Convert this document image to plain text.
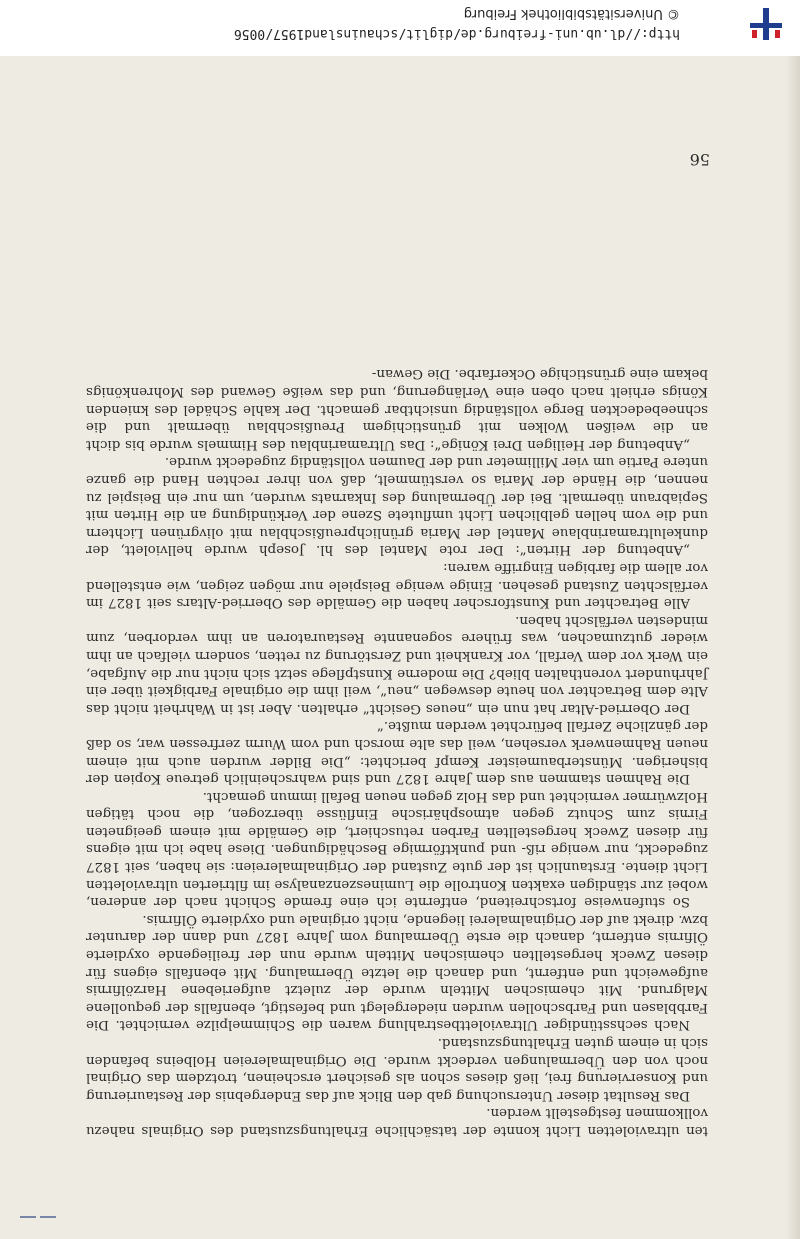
ten ultravioletten Licht konnte der tatsächliche Erhaltungszustand des Originals nahezu vollkommen festgestellt werden.

Das Resultat dieser Untersuchung gab den Blick auf das Endergebnis der Restaurierung und Konservierung frei, ließ dieses schon als gesichert erscheinen, trotzdem das Original noch von den Übermalungen verdeckt wurde. Die Originalmalereien Holbeins befanden sich in einem guten Erhaltungszustand.

Nach sechsstündiger Ultraviolettbestrahlung waren die Schimmelpilze vernichtet. Die Farbblasen und Farbschollen wurden niedergelegt und befestigt, ebenfalls der gequollene Malgrund. Mit chemischen Mitteln wurde der zuletzt aufgeriebene Harzölfirnis aufgeweicht und entfernt, und danach die letzte Übermalung. Mit ebenfalls eigens für diesen Zweck hergestellten chemischen Mitteln wurde nun der freiliegende oxydierte Ölfirnis entfernt, danach die erste Übermalung vom Jahre 1827 und dann der darunter bzw. direkt auf der Originalmalerei liegende, nicht originale und oxydierte Ölfirnis.

So stufenweise fortschreitend, entfernte ich eine fremde Schicht nach der anderen, wobei zur ständigen exakten Kontrolle die Lumineszenzanalyse im filtrierten ultravioletten Licht diente. Erstaunlich ist der gute Zustand der Originalmalereien: sie haben, seit 1827 zugedeckt, nur wenige riß- und punktförmige Beschädigungen. Diese habe ich mit eigens für diesen Zweck hergestellten Farben retuschiert, die Gemälde mit einem geeigneten Firnis zum Schutz gegen atmosphärische Einflüsse überzogen, die noch tätigen Holzwürmer vernichtet und das Holz gegen neuen Befall immun gemacht.

Die Rahmen stammen aus dem Jahre 1827 und sind wahrscheinlich getreue Kopien der bisherigen. Münsterbaumeister Kempf berichtet: „Die Bilder wurden auch mit einem neuen Rahmenwerk versehen, weil das alte morsch und vom Wurm zerfressen war, so daß der gänzliche Zerfall befürchtet werden mußte.“

Der Oberried-Altar hat nun ein „neues Gesicht“ erhalten. Aber ist in Wahrheit nicht das Alte dem Betrachter von heute deswegen „neu“, weil ihm die originale Farbigkeit über ein Jahrhundert vorenthalten blieb? Die moderne Kunstpflege setzt sich nicht nur die Aufgabe, ein Werk vor dem Verfall, vor Krankheit und Zerstörung zu retten, sondern vielfach an ihm wieder gutzumachen, was frühere sogenannte Restauratoren an ihm verdorben, zum mindesten verfälscht haben.

Alle Betrachter und Kunstforscher haben die Gemälde des Oberried-Altars seit 1827 im verfälschten Zustand gesehen. Einige wenige Beispiele nur mögen zeigen, wie entstellend vor allem die farbigen Eingriffe waren:

„Anbetung der Hirten“: Der rote Mantel des hl. Joseph wurde hellviolett, der dunkelultramarinblaue Mantel der Maria grünlichpreußischblau mit olivgrünen Lichtern und die vom hellen gelblichen Licht umflutete Szene der Verkündigung an die Hirten mit Sepiabraun übermalt. Bei der Übermalung des Inkarnats wurden, um nur ein Beispiel zu nennen, die Hände der Maria so verstümmelt, daß von ihrer rechten Hand die ganze untere Partie um vier Millimeter und der Daumen vollständig zugedeckt wurde.

„Anbetung der Heiligen Drei Könige“: Das Ultramarinblau des Himmels wurde bis dicht an die weißen Wolken mit grünstichigem Preußischblau übermalt und die schneebedeckten Berge vollständig unsichtbar gemacht. Der kahle Schädel des knienden Königs erhielt nach oben eine Verlängerung, und das weiße Gewand des Mohrenkönigs bekam eine grünstichige Ockerfarbe. Die Gewan-

56
http://dl.ub.uni-freiburg.de/diglit/schauinsland1957/0056
© Universitätsbibliothek Freiburg
